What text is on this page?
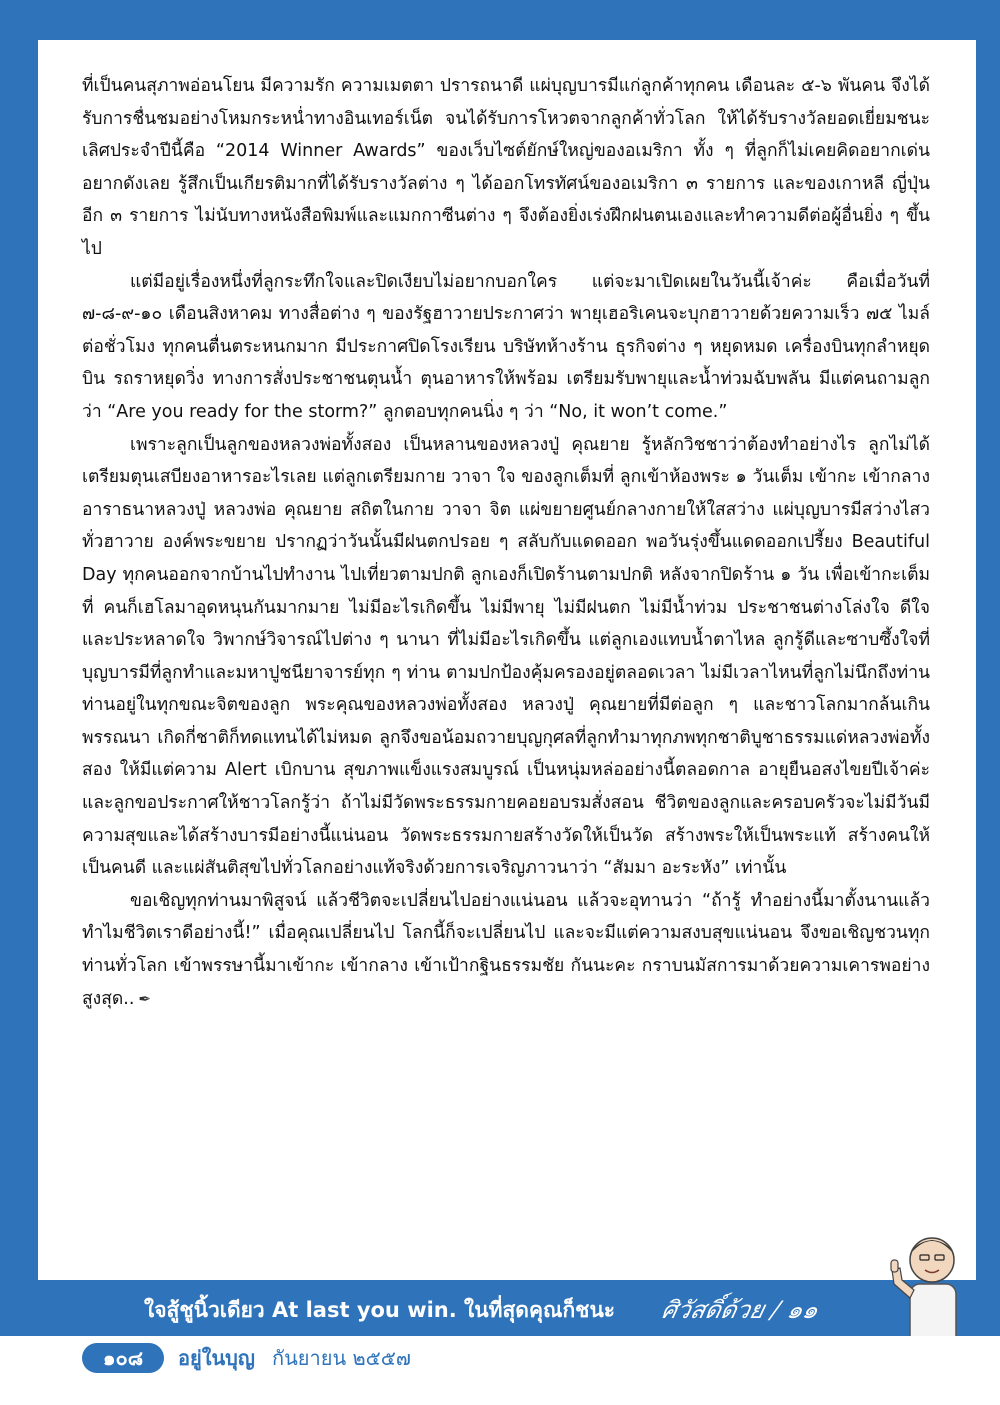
ที่เป็นคนสุภาพอ่อนโยน มีความรัก ความเมตตา ปรารถนาดี แผ่บุญบารมีแก่ลูกค้าทุกคน เดือนละ ๕-๖ พันคน จึงได้รับการชื่นชมอย่างโหมกระหน่ำทางอินเทอร์เน็ต จนได้รับการโหวตจากลูกค้าทั่วโลก ให้ได้รับรางวัลยอดเยี่ยมชนะเลิศประจำปีนี้คือ “2014 Winner Awards” ของเว็บไซต์ยักษ์ใหญ่ของอเมริกา ทั้ง ๆ ที่ลูกก็ไม่เคยคิดอยากเด่นอยากดังเลย รู้สึกเป็นเกียรติมากที่ได้รับรางวัลต่าง ๆ ได้ออกโทรทัศน์ของอเมริกา ๓ รายการ และของเกาหลี ญี่ปุ่น อีก ๓ รายการ ไม่นับทางหนังสือพิมพ์และแมกกาซีนต่าง ๆ จึงต้องยิ่งเร่งฝึกฝนตนเองและทำความดีต่อผู้อื่นยิ่ง ๆ ขึ้นไป

แต่มีอยู่เรื่องหนึ่งที่ลูกระทึกใจและปิดเงียบไม่อยากบอกใคร แต่จะมาเปิดเผยในวันนี้เจ้าค่ะ คือเมื่อวันที่ ๗-๘-๙-๑๐ เดือนสิงหาคม ทางสื่อต่าง ๆ ของรัฐฮาวายประกาศว่า พายุเฮอริเคนจะบุกฮาวายด้วยความเร็ว ๗๕ ไมล์ต่อชั่วโมง ทุกคนตื่นตระหนกมาก มีประกาศปิดโรงเรียน บริษัทห้างร้าน ธุรกิจต่าง ๆ หยุดหมด เครื่องบินทุกลำหยุดบิน รถราหยุดวิ่ง ทางการสั่งประชาชนตุนน้ำ ตุนอาหารให้พร้อม เตรียมรับพายุและน้ำท่วมฉับพลัน มีแต่คนถามลูกว่า “Are you ready for the storm?” ลูกตอบทุกคนนิ่ง ๆ ว่า “No, it won’t come.”

เพราะลูกเป็นลูกของหลวงพ่อทั้งสอง เป็นหลานของหลวงปู่ คุณยาย รู้หลักวิชชาว่าต้องทำอย่างไร ลูกไม่ได้เตรียมตุนเสบียงอาหารอะไรเลย แต่ลูกเตรียมกาย วาจา ใจ ของลูกเต็มที่ ลูกเข้าห้องพระ ๑ วันเต็ม เข้ากะ เข้ากลาง อาราธนาหลวงปู่ หลวงพ่อ คุณยาย สถิตในกาย วาจา จิต แผ่ขยายศูนย์กลางกายให้ใสสว่าง แผ่บุญบารมีสว่างไสวทั่วฮาวาย องค์พระขยาย ปรากฏว่าวันนั้นมีฝนตกปรอย ๆ สลับกับแดดออก พอวันรุ่งขึ้นแดดออกเปรี้ยง Beautiful Day ทุกคนออกจากบ้านไปทำงาน ไปเที่ยวตามปกติ ลูกเองก็เปิดร้านตามปกติ หลังจากปิดร้าน ๑ วัน เพื่อเข้ากะเต็มที่ คนก็เฮโลมาอุดหนุนกันมากมาย ไม่มีอะไรเกิดขึ้น ไม่มีพายุ ไม่มีฝนตก ไม่มีน้ำท่วม ประชาชนต่างโล่งใจ ดีใจ และประหลาดใจ วิพากษ์วิจารณ์ไปต่าง ๆ นานา ที่ไม่มีอะไรเกิดขึ้น แต่ลูกเองแทบน้ำตาไหล ลูกรู้ดีและซาบซึ้งใจที่บุญบารมีที่ลูกทำและมหาปูชนียาจารย์ทุก ๆ ท่าน ตามปกป้องคุ้มครองอยู่ตลอดเวลา ไม่มีเวลาไหนที่ลูกไม่นึกถึงท่าน ท่านอยู่ในทุกขณะจิตของลูก พระคุณของหลวงพ่อทั้งสอง หลวงปู่ คุณยายที่มีต่อลูก ๆ และชาวโลกมากล้นเกินพรรณนา เกิดกี่ชาติก็ทดแทนได้ไม่หมด ลูกจึงขอน้อมถวายบุญกุศลที่ลูกทำมาทุกภพทุกชาติบูชาธรรมแด่หลวงพ่อทั้งสอง ให้มีแต่ความ Alert เบิกบาน สุขภาพแข็งแรงสมบูรณ์ เป็นหนุ่มหล่ออย่างนี้ตลอดกาล อายุยืนอสงไขยปีเจ้าค่ะ และลูกขอประกาศให้ชาวโลกรู้ว่า ถ้าไม่มีวัดพระธรรมกายคอยอบรมสั่งสอน ชีวิตของลูกและครอบครัวจะไม่มีวันมีความสุขและได้สร้างบารมีอย่างนี้แน่นอน วัดพระธรรมกายสร้างวัดให้เป็นวัด สร้างพระให้เป็นพระแท้ สร้างคนให้เป็นคนดี และแผ่สันติสุขไปทั่วโลกอย่างแท้จริงด้วยการเจริญภาวนาว่า “สัมมา อะระหัง” เท่านั้น

ขอเชิญทุกท่านมาพิสูจน์ แล้วชีวิตจะเปลี่ยนไปอย่างแน่นอน แล้วจะอุทานว่า “ถ้ารู้ ทำอย่างนี้มาตั้งนานแล้ว ทำไมชีวิตเราดีอย่างนี้!” เมื่อคุณเปลี่ยนไป โลกนี้ก็จะเปลี่ยนไป และจะมีแต่ความสงบสุขแน่นอน จึงขอเชิญชวนทุกท่านทั่วโลก เข้าพรรษานี้มาเข้ากะ เข้ากลาง เข้าเป้ากฐินธรรมชัย กันนะคะ กราบนมัสการมาด้วยความเคารพอย่างสูงสุด.. ✒

ใจสู้ชูนิ้วเดียว At last you win. ในที่สุดคุณก็ชนะ	ศิวัสดิ์ด้วย / ๑๑
๑๐๘	อยู่ในบุญ กันยายน ๒๕๕๗
